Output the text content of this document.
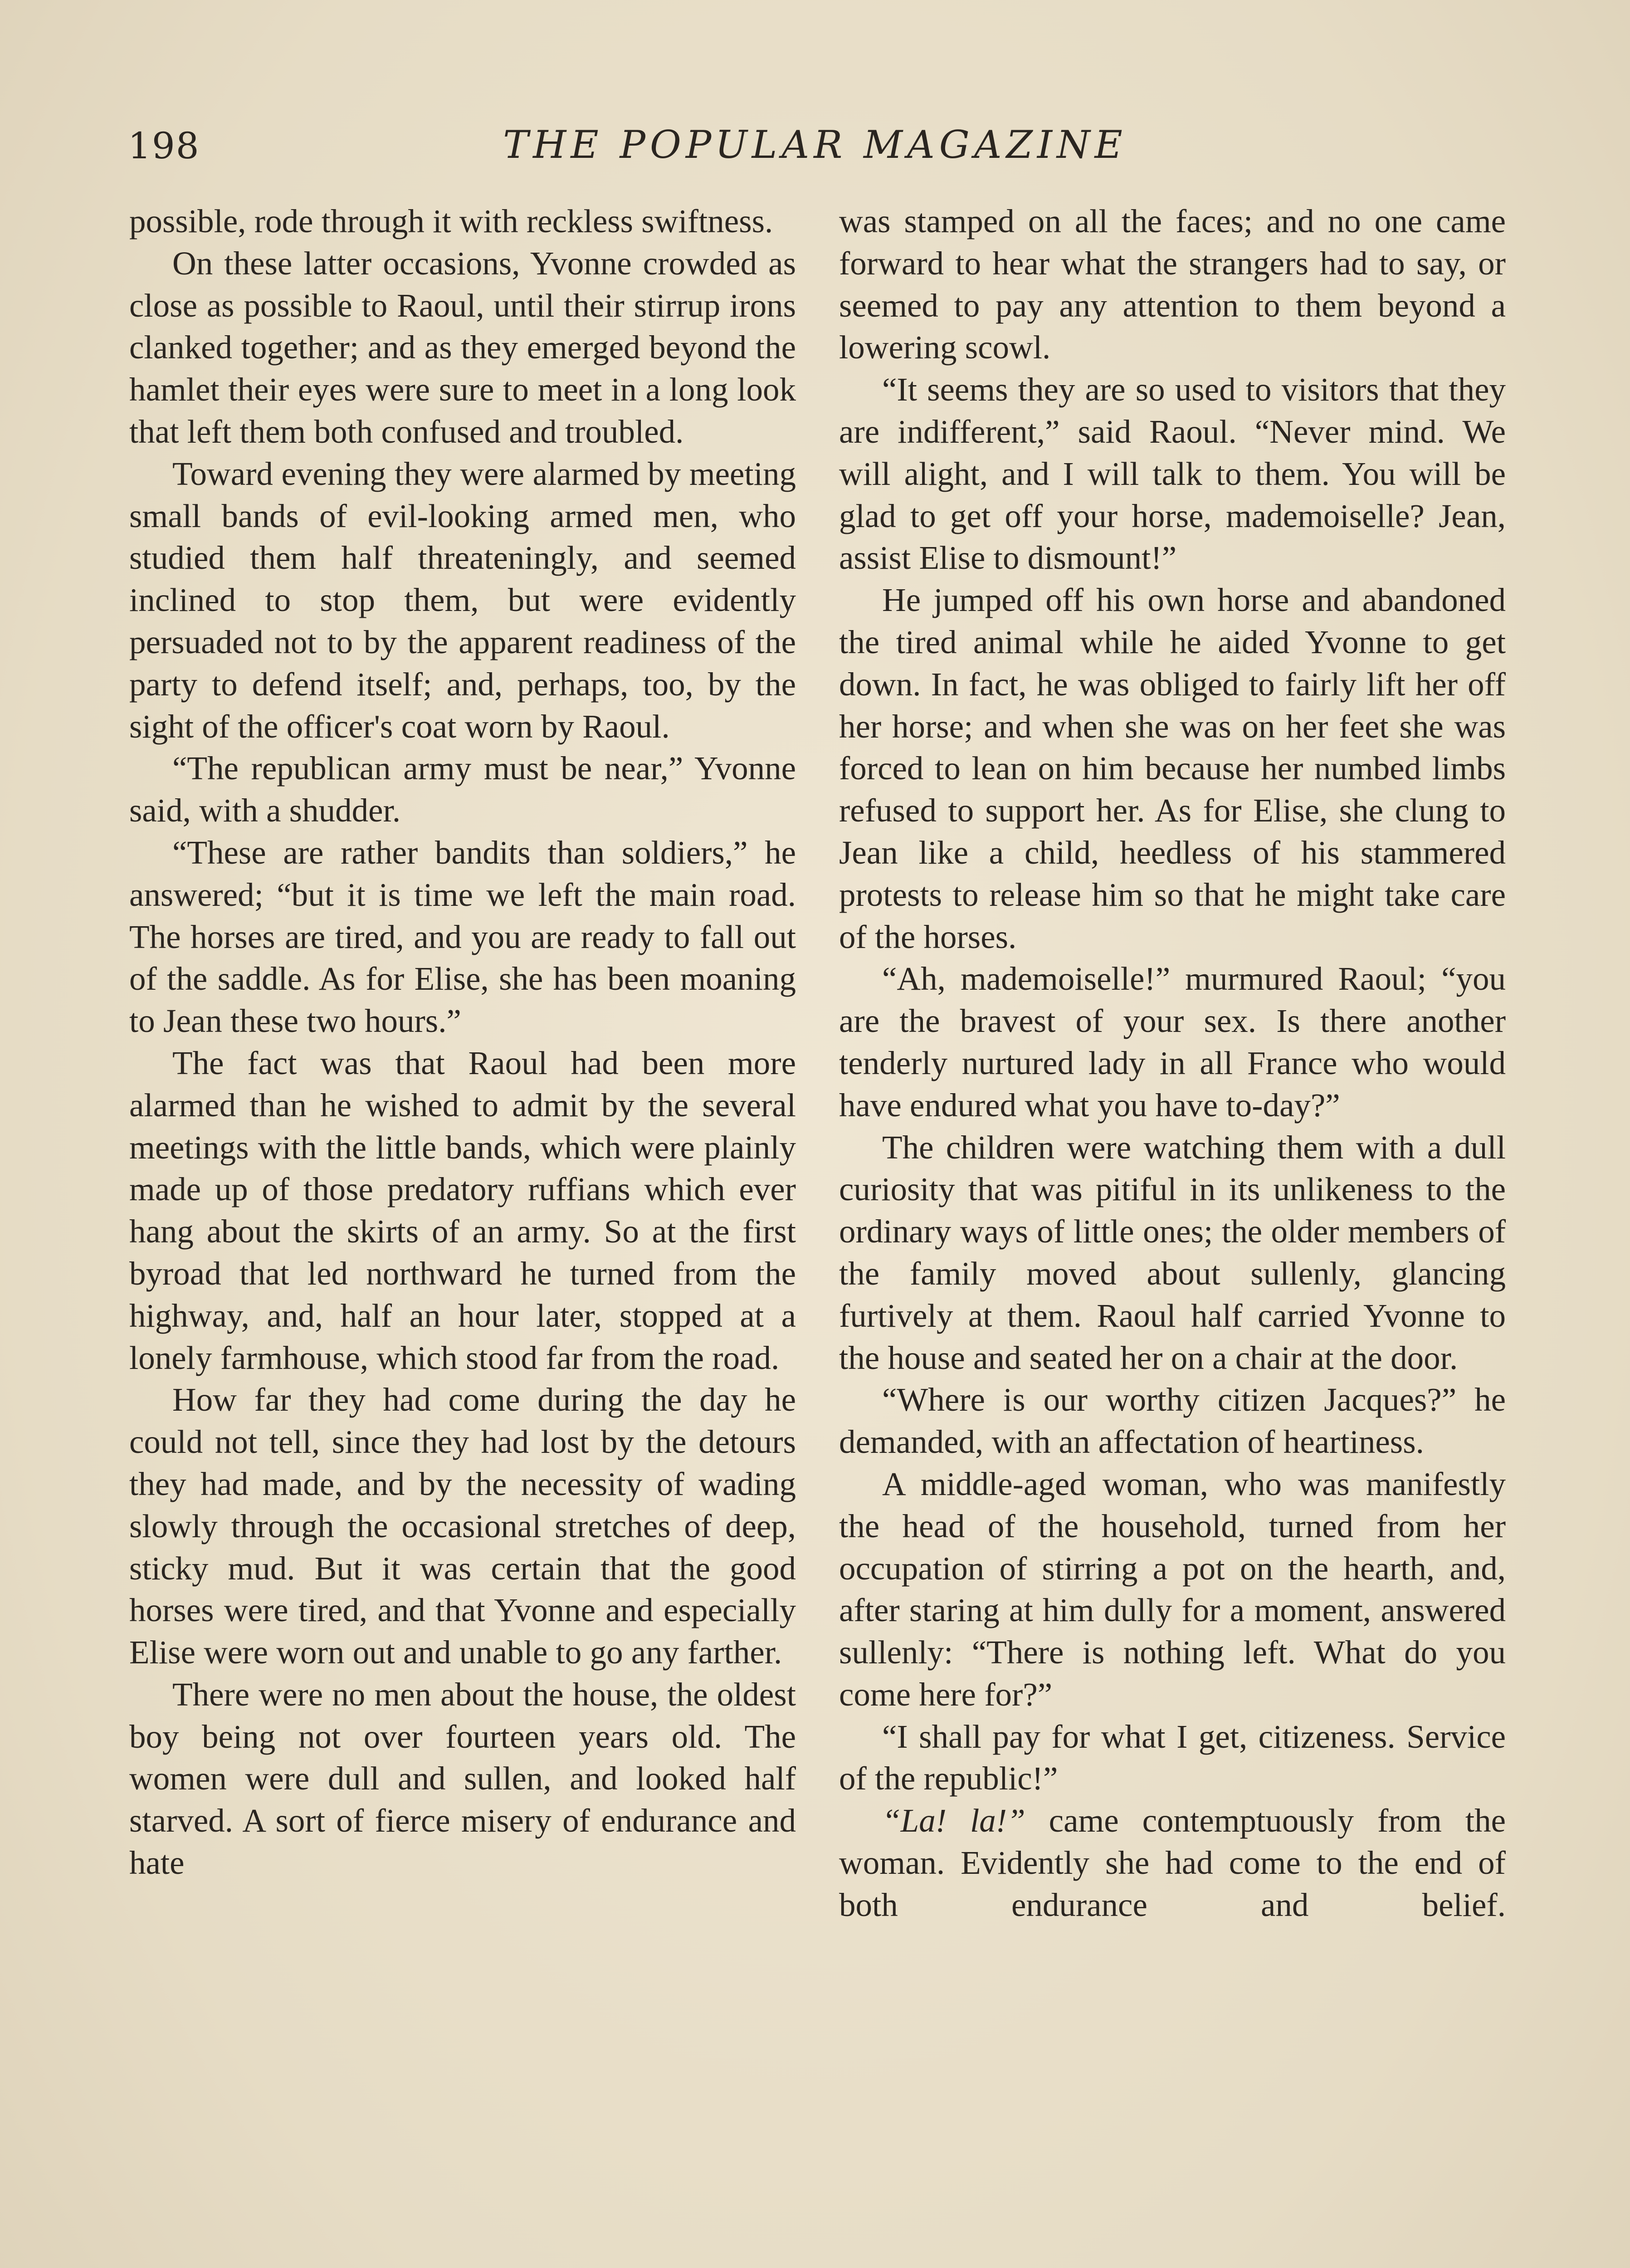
198	THE POPULAR MAGAZINE

possible, rode through it with reckless swiftness.

On these latter occasions, Yvonne crowded as close as possible to Raoul, until their stirrup irons clanked together; and as they emerged beyond the hamlet their eyes were sure to meet in a long look that left them both confused and troubled.

Toward evening they were alarmed by meeting small bands of evil-looking armed men, who studied them half threateningly, and seemed inclined to stop them, but were evidently persuaded not to by the apparent readiness of the party to defend itself; and, perhaps, too, by the sight of the officer's coat worn by Raoul.

“The republican army must be near,” Yvonne said, with a shudder.

“These are rather bandits than soldiers,” he answered; “but it is time we left the main road. The horses are tired, and you are ready to fall out of the saddle. As for Elise, she has been moaning to Jean these two hours.”

The fact was that Raoul had been more alarmed than he wished to admit by the several meetings with the little bands, which were plainly made up of those predatory ruffians which ever hang about the skirts of an army. So at the first byroad that led northward he turned from the highway, and, half an hour later, stopped at a lonely farmhouse, which stood far from the road.

How far they had come during the day he could not tell, since they had lost by the detours they had made, and by the necessity of wading slowly through the occasional stretches of deep, sticky mud. But it was certain that the good horses were tired, and that Yvonne and especially Elise were worn out and unable to go any farther.

There were no men about the house, the oldest boy being not over fourteen years old. The women were dull and sullen, and looked half starved. A sort of fierce misery of endurance and hate

was stamped on all the faces; and no one came forward to hear what the strangers had to say, or seemed to pay any attention to them beyond a lowering scowl.

“It seems they are so used to visitors that they are indifferent,” said Raoul. “Never mind. We will alight, and I will talk to them. You will be glad to get off your horse, mademoiselle? Jean, assist Elise to dismount!”

He jumped off his own horse and abandoned the tired animal while he aided Yvonne to get down. In fact, he was obliged to fairly lift her off her horse; and when she was on her feet she was forced to lean on him because her numbed limbs refused to support her. As for Elise, she clung to Jean like a child, heedless of his stammered protests to release him so that he might take care of the horses.

“Ah, mademoiselle!” murmured Raoul; “you are the bravest of your sex. Is there another tenderly nurtured lady in all France who would have endured what you have to-day?”

The children were watching them with a dull curiosity that was pitiful in its unlikeness to the ordinary ways of little ones; the older members of the family moved about sullenly, glancing furtively at them. Raoul half carried Yvonne to the house and seated her on a chair at the door.

“Where is our worthy citizen Jacques?” he demanded, with an affectation of heartiness.

A middle-aged woman, who was manifestly the head of the household, turned from her occupation of stirring a pot on the hearth, and, after staring at him dully for a moment, answered sullenly: “There is nothing left. What do you come here for?”

“I shall pay for what I get, citizeness. Service of the republic!”

“La! la!” came contemptuously from the woman. Evidently she had come to the end of both endurance and belief.
